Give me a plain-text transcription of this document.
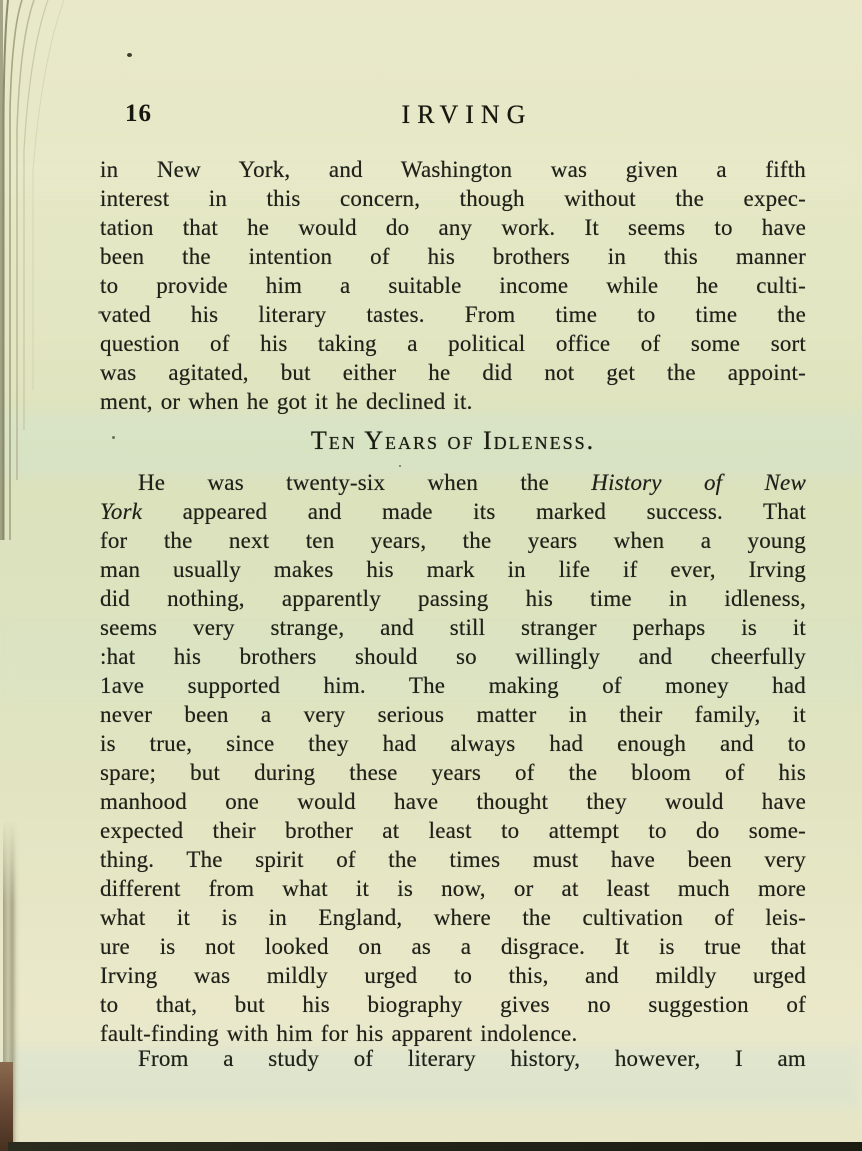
16	IRVING
in New York, and Washington was given a fifth
interest in this concern, though without the expec-
tation that he would do any work. It seems to have
been the intention of his brothers in this manner
to provide him a suitable income while he culti-
vated his literary tastes. From time to time the
question of his taking a political office of some sort
was agitated, but either he did not get the appoint-
ment, or when he got it he declined it.
Ten Years of Idleness.
He was twenty-six when the History of New
York appeared and made its marked success. That
for the next ten years, the years when a young
man usually makes his mark in life if ever, Irving
did nothing, apparently passing his time in idleness,
seems very strange, and still stranger perhaps is it
:hat his brothers should so willingly and cheerfully
1ave supported him. The making of money had
never been a very serious matter in their family, it
is true, since they had always had enough and to
spare; but during these years of the bloom of his
manhood one would have thought they would have
expected their brother at least to attempt to do some-
thing. The spirit of the times must have been very
different from what it is now, or at least much more
what it is in England, where the cultivation of leis-
ure is not looked on as a disgrace. It is true that
Irving was mildly urged to this, and mildly urged
to that, but his biography gives no suggestion of
fault-finding with him for his apparent indolence.
From a study of literary history, however, I am
